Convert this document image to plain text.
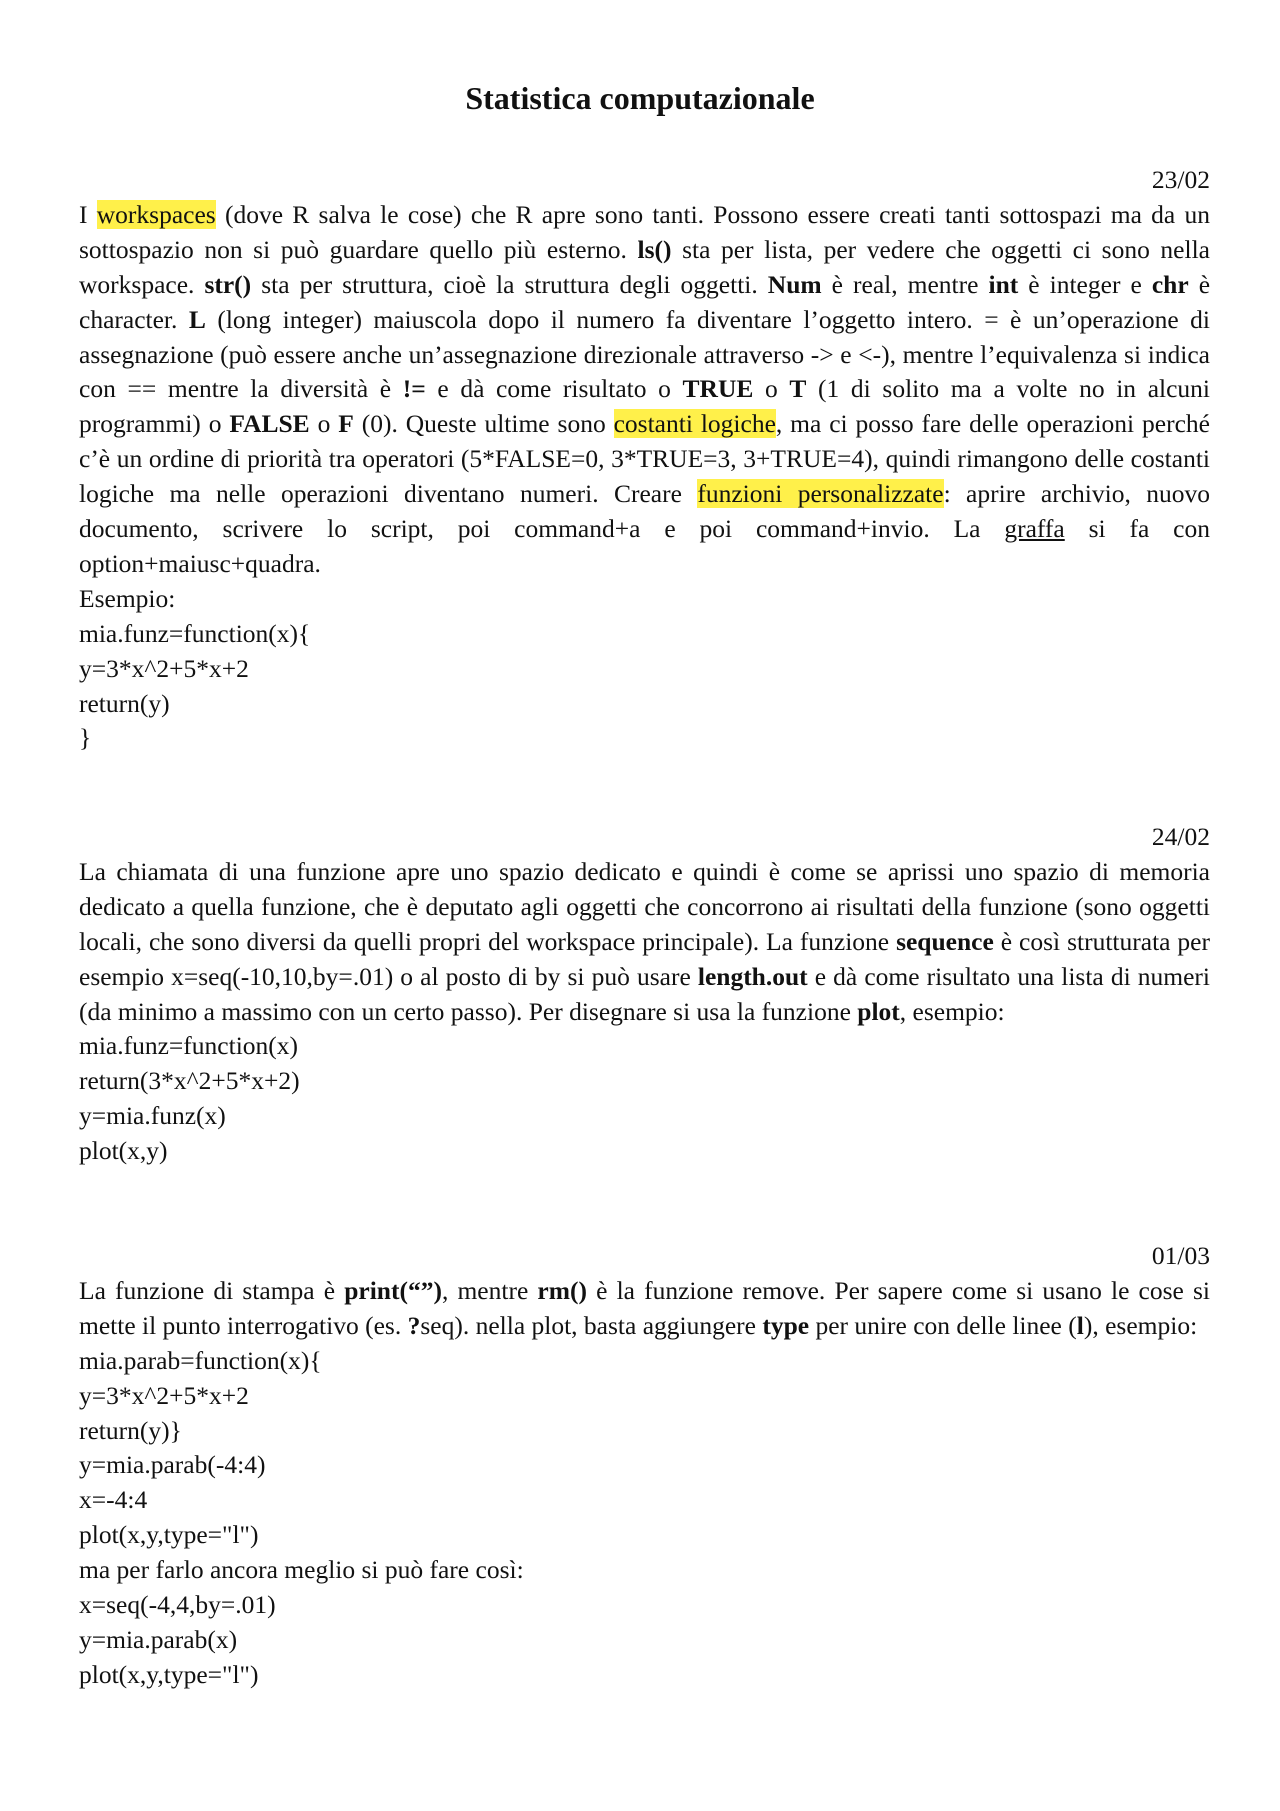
Statistica computazionale
23/02
I workspaces (dove R salva le cose) che R apre sono tanti. Possono essere creati tanti sottospazi ma da un sottospazio non si può guardare quello più esterno. ls() sta per lista, per vedere che oggetti ci sono nella workspace. str() sta per struttura, cioè la struttura degli oggetti. Num è real, mentre int è integer e chr è character. L (long integer) maiuscola dopo il numero fa diventare l’oggetto intero. = è un’operazione di assegnazione (può essere anche un’assegnazione direzionale attraverso -> e <-), mentre l’equivalenza si indica con == mentre la diversità è != e dà come risultato o TRUE o T (1 di solito ma a volte no in alcuni programmi) o FALSE o F (0). Queste ultime sono costanti logiche, ma ci posso fare delle operazioni perché c’è un ordine di priorità tra operatori (5*FALSE=0, 3*TRUE=3, 3+TRUE=4), quindi rimangono delle costanti logiche ma nelle operazioni diventano numeri. Creare funzioni personalizzate: aprire archivio, nuovo documento, scrivere lo script, poi command+a e poi command+invio. La graffa si fa con option+maiusc+quadra.
Esempio:
mia.funz=function(x){
y=3*x^2+5*x+2
return(y)
}
24/02
La chiamata di una funzione apre uno spazio dedicato e quindi è come se aprissi uno spazio di memoria dedicato a quella funzione, che è deputato agli oggetti che concorrono ai risultati della funzione (sono oggetti locali, che sono diversi da quelli propri del workspace principale). La funzione sequence è così strutturata per esempio x=seq(-10,10,by=.01) o al posto di by si può usare length.out e dà come risultato una lista di numeri (da minimo a massimo con un certo passo). Per disegnare si usa la funzione plot, esempio:
mia.funz=function(x)
return(3*x^2+5*x+2)
y=mia.funz(x)
plot(x,y)
01/03
La funzione di stampa è print(“”), mentre rm() è la funzione remove. Per sapere come si usano le cose si mette il punto interrogativo (es. ?seq). nella plot, basta aggiungere type per unire con delle linee (l), esempio:
mia.parab=function(x){
y=3*x^2+5*x+2
return(y)}
y=mia.parab(-4:4)
x=-4:4
plot(x,y,type="l")
ma per farlo ancora meglio si può fare così:
x=seq(-4,4,by=.01)
y=mia.parab(x)
plot(x,y,type="l")
